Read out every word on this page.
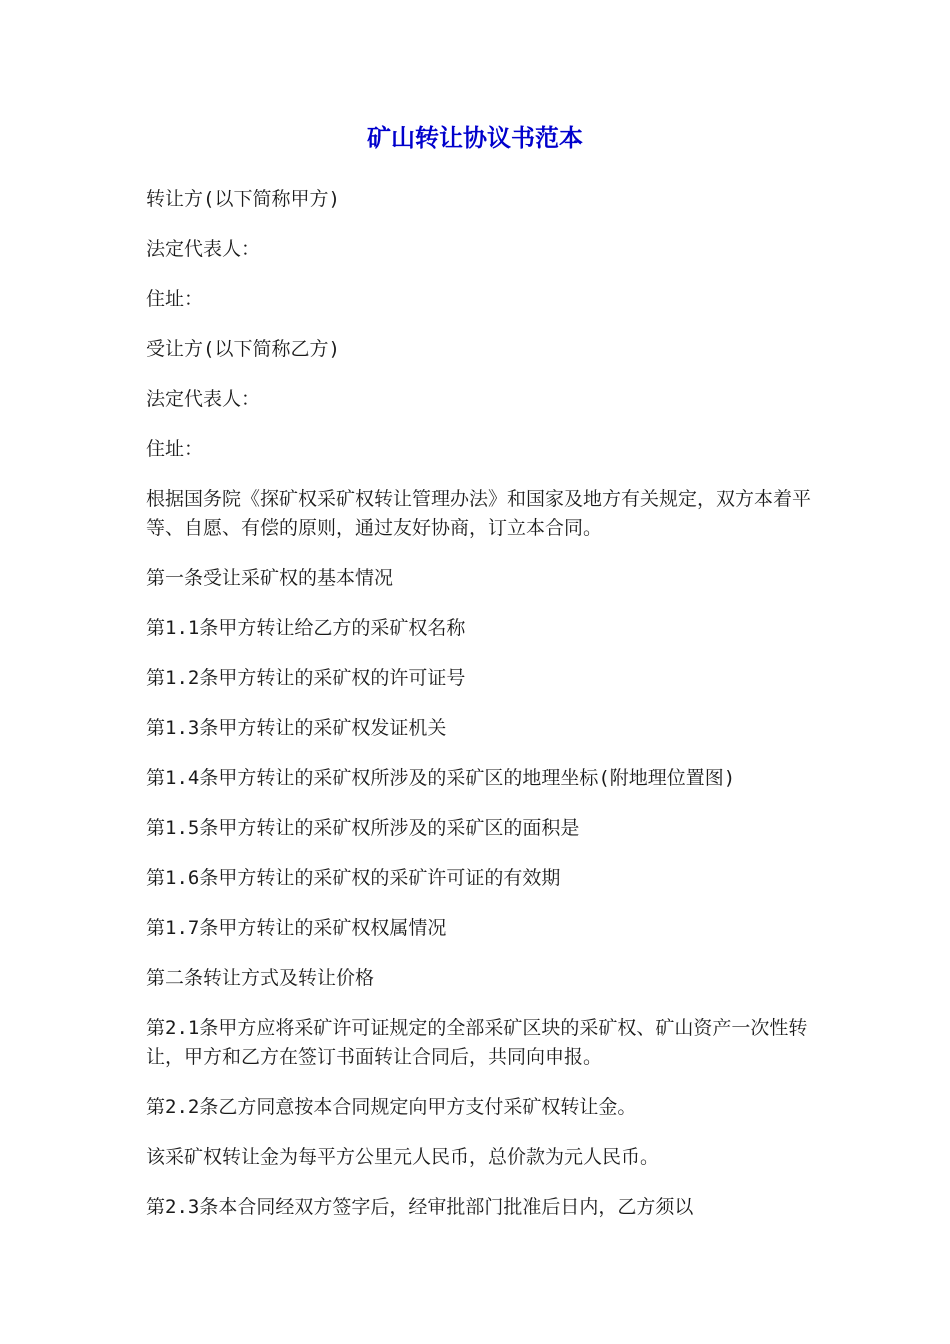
矿山转让协议书范本

转让方(以下简称甲方)

法定代表人：

住址：

受让方(以下简称乙方)

法定代表人：

住址：

根据国务院《探矿权采矿权转让管理办法》和国家及地方有关规定，双方本着平等、自愿、有偿的原则，通过友好协商，订立本合同。

第一条受让采矿权的基本情况

第1.1条甲方转让给乙方的采矿权名称

第1.2条甲方转让的采矿权的许可证号

第1.3条甲方转让的采矿权发证机关

第1.4条甲方转让的采矿权所涉及的采矿区的地理坐标(附地理位置图)

第1.5条甲方转让的采矿权所涉及的采矿区的面积是

第1.6条甲方转让的采矿权的采矿许可证的有效期

第1.7条甲方转让的采矿权权属情况

第二条转让方式及转让价格

第2.1条甲方应将采矿许可证规定的全部采矿区块的采矿权、矿山资产一次性转让，甲方和乙方在签订书面转让合同后，共同向申报。

第2.2条乙方同意按本合同规定向甲方支付采矿权转让金。

该采矿权转让金为每平方公里元人民币，总价款为元人民币。

第2.3条本合同经双方签字后，经审批部门批准后日内，乙方须以
